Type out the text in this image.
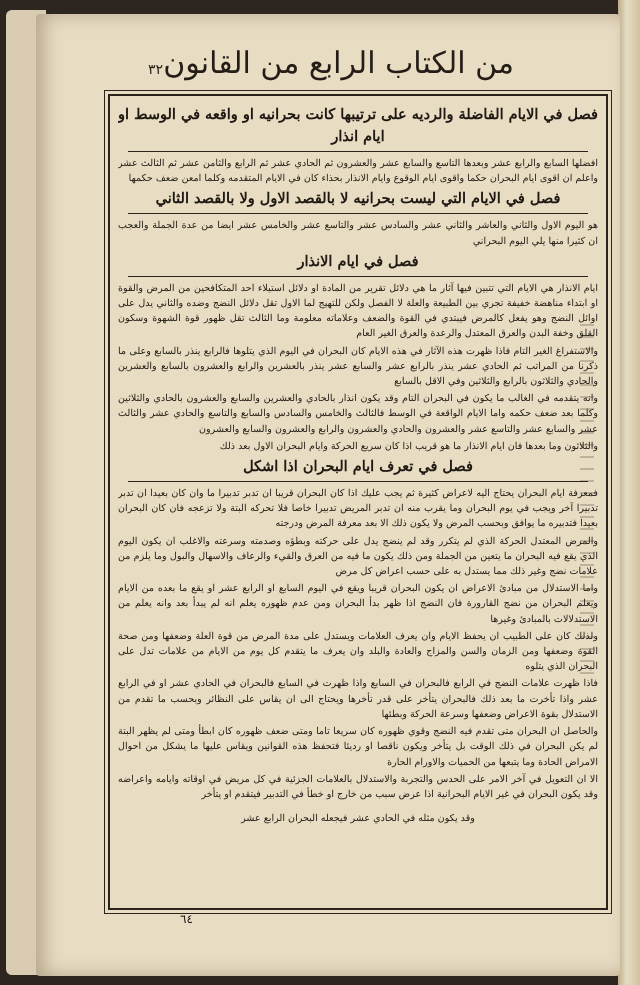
من الكتاب الرابع من القانون
٣٢
فصل في الايام الفاضلة والرديه على ترتيبها كانت بحرانيه او واقعه في الوسط او ايام انذار

افضلها السابع والرابع عشر وبعدها التاسع والسابع عشر والعشرون ثم الحادي عشر ثم الرابع والثامن عشر ثم الثالث عشر واعلم ان اقوى ايام البحران حكما واقوى ايام الوقوع وايام الانذار بحذاء كان في الايام المتقدمه وكلما امعن ضعف حكمها

فصل في الايام التي ليست بحرانيه لا بالقصد الاول ولا بالقصد الثاني

هو اليوم الاول والثاني والعاشر والثاني عشر والسادس عشر والتاسع عشر والخامس عشر ايضا من عدة الجملة والعجب ان كثيرا منها يلي اليوم البحراني

فصل في ايام الانذار

ايام الانذار هي الايام التي تتبين فيها آثار ما هي دلائل تقرير من المادة او دلائل استيلاء احد المتكافحين من المرض والقوة او ابتداء مناهضة خفيفة تجري بين الطبيعة والعلة لا الفصل ولكن للتهيج لما الاول تقل دلائل النضج وضده والثاني يدل على اوائل النضج وهو يفعل كالمرض فيبتدي في القوة والضعف وعلاماته معلومة وما الثالث تقل ظهور قوة الشهوة وسكون القلق وخفة البدن والعرق المعتدل والرعدة والعرق الغير العام

والاستفراغ الغير التام فاذا ظهرت هذه الآثار في هذه الايام كان البحران في اليوم الذي يتلوها فالرابع ينذر بالسابع وعلى ما ذكرنا من المراتب ثم الحادي عشر ينذر بالرابع عشر والسابع عشر ينذر بالعشرين والرابع والعشرون بالسابع والعشرين والحادي والثلاثون بالرابع والثلاثين وفي الاقل بالسابع

وانه يتقدمه في الغالب ما يكون في البحران التام وقد يكون انذار بالحادي والعشرين والسابع والعشرون بالحادي والثلاثين وكلما بعد ضعف حكمه واما الايام الواقعة في الوسط فالثالث والخامس والسادس والسابع والتاسع والحادي عشر والثالث عشر والسابع عشر والتاسع عشر والعشرون والحادي والعشرون والرابع والعشرون والسابع والعشرون

والثلاثون وما بعدها فان ايام الانذار ما هو قريب اذا كان سريع الحركة وايام البحران الاول بعد ذلك

فصل في تعرف ايام البحران اذا اشكل

فمعرفة ايام البحران يحتاج اليه لاعراض كثيرة ثم يجب عليك اذا كان البحران قريبا ان تدبر تدبيرا ما وان كان بعيدا ان تدبر تدبيرا آخر ويجب في يوم البحران وما يقرب منه ان تدبر المريض تدبيرا خاصا فلا تحركه البتة ولا تزعجه فان كان البحران بعيدا فتدبيره ما يوافق وبحسب المرض ولا يكون ذلك الا بعد معرفة المرض ودرجته

والمرض المعتدل الحركة الذي لم يتكرر وقد لم ينضج يدل على حركته وبطؤه وصدمته وسرعته والاغلب ان يكون اليوم الذي يقع فيه البحران ما يتعين من الجملة ومن ذلك يكون ما فيه من العرق والقيء والرعاف والاسهال والبول وما يلزم من علامات نضج وغير ذلك مما يستدل به على حسب اعراض كل مرض

واما الاستدلال من مبادئ الاعراض ان يكون البحران قريبا ويقع في اليوم السابع او الرابع عشر او يقع ما بعده من الايام ويعلم البحران من نضج القارورة فان النضج اذا ظهر بدأ البحران ومن عدم ظهوره يعلم انه لم يبدأ بعد وانه يعلم من الاستدلالات بالمبادئ وغيرها

ولذلك كان على الطبيب ان يحفظ الايام وان يعرف العلامات ويستدل على مدة المرض من قوة العلة وضعفها ومن صحة القوة وضعفها ومن الزمان والسن والمزاج والعادة والبلد وان يعرف ما يتقدم كل يوم من الايام من علامات تدل على البحران الذي يتلوه

فاذا ظهرت علامات النضج في الرابع فالبحران في السابع واذا ظهرت في السابع فالبحران في الحادي عشر او في الرابع عشر واذا تأخرت ما بعد ذلك فالبحران يتأخر على قدر تأخرها ويحتاج الى ان يقاس على النظائر وبحسب ما تقدم من الاستدلال بقوة الاعراض وضعفها وسرعة الحركة وبطئها

والحاصل ان البحران متى تقدم فيه النضج وقوي ظهوره كان سريعا تاما ومتى ضعف ظهوره كان ابطأ ومتى لم يظهر البتة لم يكن البحران في ذلك الوقت بل يتأخر ويكون ناقصا او رديئا فتحفظ هذه القوانين ويقاس عليها ما يشكل من احوال الامراض الحادة وما يتبعها من الحميات والاورام الحارة

الا ان التعويل في آخر الامر على الحدس والتجربة والاستدلال بالعلامات الجزئية في كل مريض في اوقاته وايامه واعراضه وقد يكون البحران في غير الايام البحرانية اذا عرض سبب من خارج او خطأ في التدبير فيتقدم او يتأخر

وقد يكون مثله في الحادي عشر فيجعله البحران الرابع عشر

٦٤
